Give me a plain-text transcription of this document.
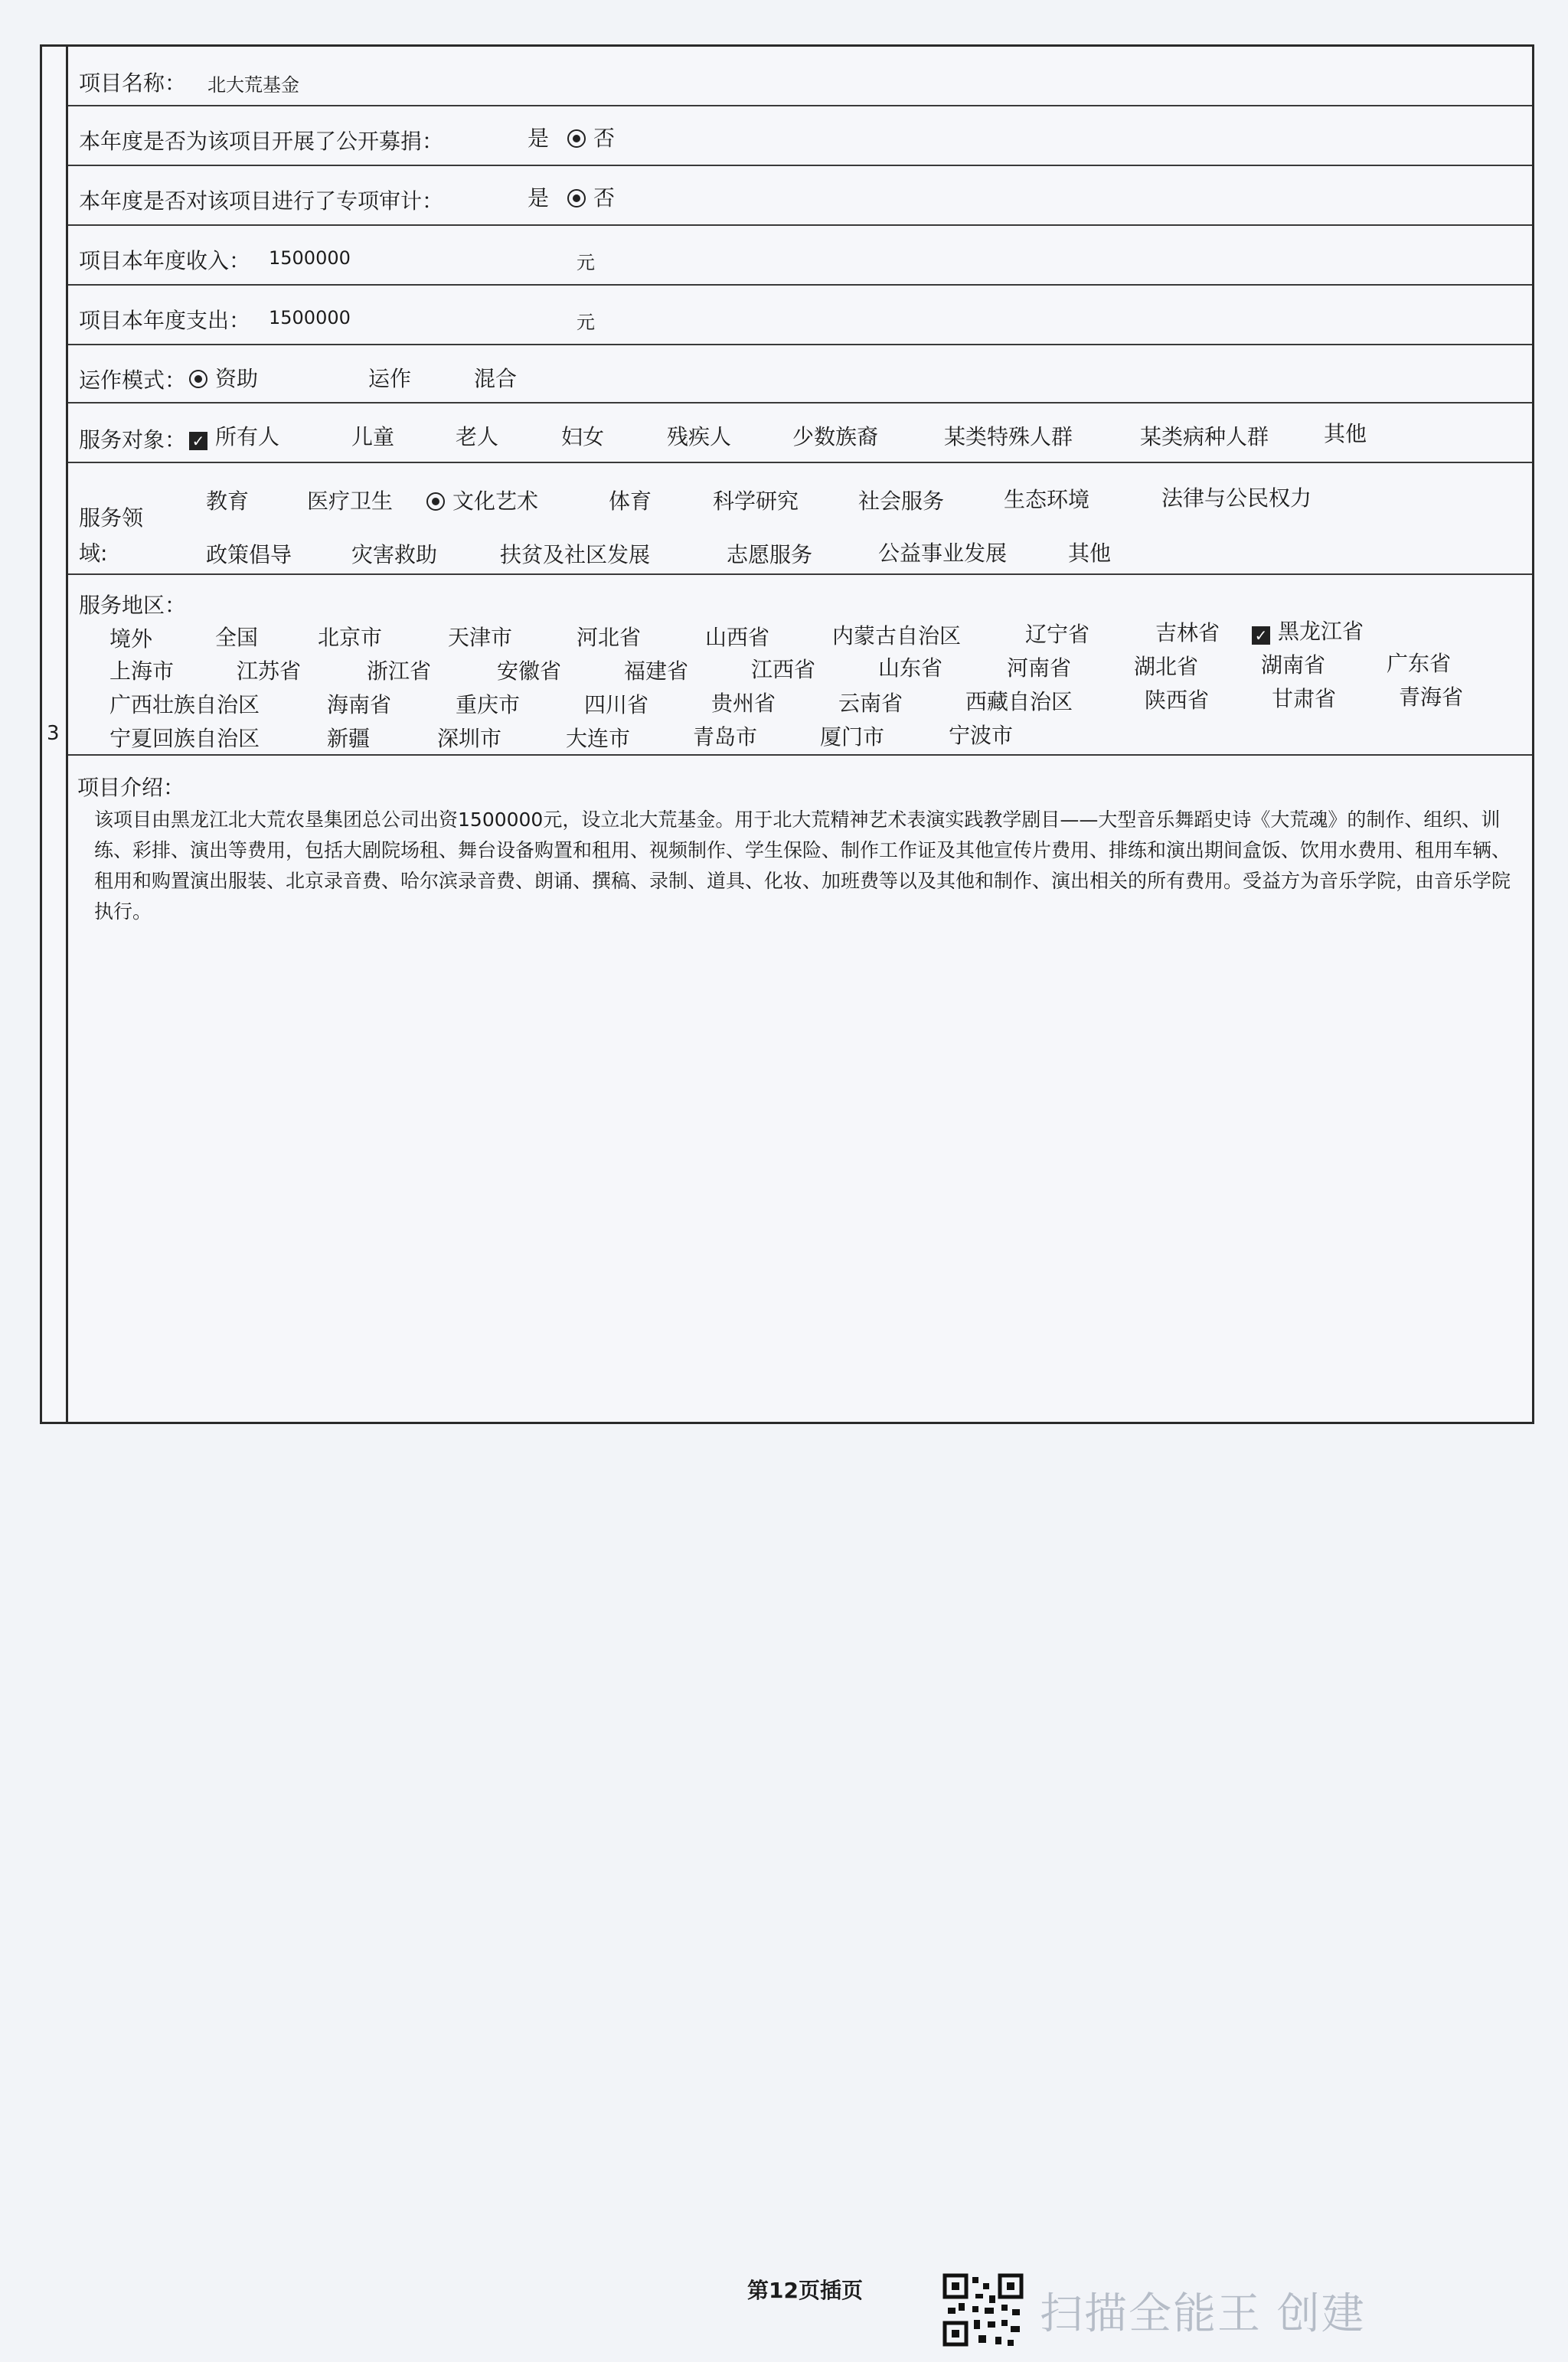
3
项目名称： 北大荒基金
本年度是否为该项目开展了公开募捐：	是	否
本年度是否对该项目进行了专项审计：	是	否
项目本年度收入： 1500000	元
项目本年度支出： 1500000	元
运作模式：	资助	运作	混合
服务对象： ✓ 所有人	儿童	老人	妇女	残疾人	少数族裔	某类特殊人群	某类病种人群	其他
服务领
域:
教育	医疗卫生	文化艺术	体育	科学研究	社会服务	生态环境	法律与公民权力
政策倡导	灾害救助	扶贫及社区发展	志愿服务	公益事业发展	其他
服务地区：
境外	全国	北京市	天津市	河北省	山西省	内蒙古自治区	辽宁省	吉林省 ✓ 黑龙江省
上海市	江苏省	浙江省	安徽省	福建省	江西省	山东省	河南省	湖北省	湖南省	广东省
广西壮族自治区	海南省	重庆市	四川省	贵州省	云南省	西藏自治区	陕西省	甘肃省	青海省
宁夏回族自治区	新疆	深圳市	大连市	青岛市	厦门市	宁波市
项目介绍：
该项目由黑龙江北大荒农垦集团总公司出资1500000元，设立北大荒基金。用于北大荒精神艺术表演实践教学剧目——大型音乐舞蹈史诗《大荒魂》的制作、组织、训练、彩排、演出等费用，包括大剧院场租、舞台设备购置和租用、视频制作、学生保险、制作工作证及其他宣传片费用、排练和演出期间盒饭、饮用水费用、租用车辆、租用和购置演出服装、北京录音费、哈尔滨录音费、朗诵、撰稿、录制、道具、化妆、加班费等以及其他和制作、演出相关的所有费用。受益方为音乐学院，由音乐学院执行。
第12页插页	扫描全能王 创建
